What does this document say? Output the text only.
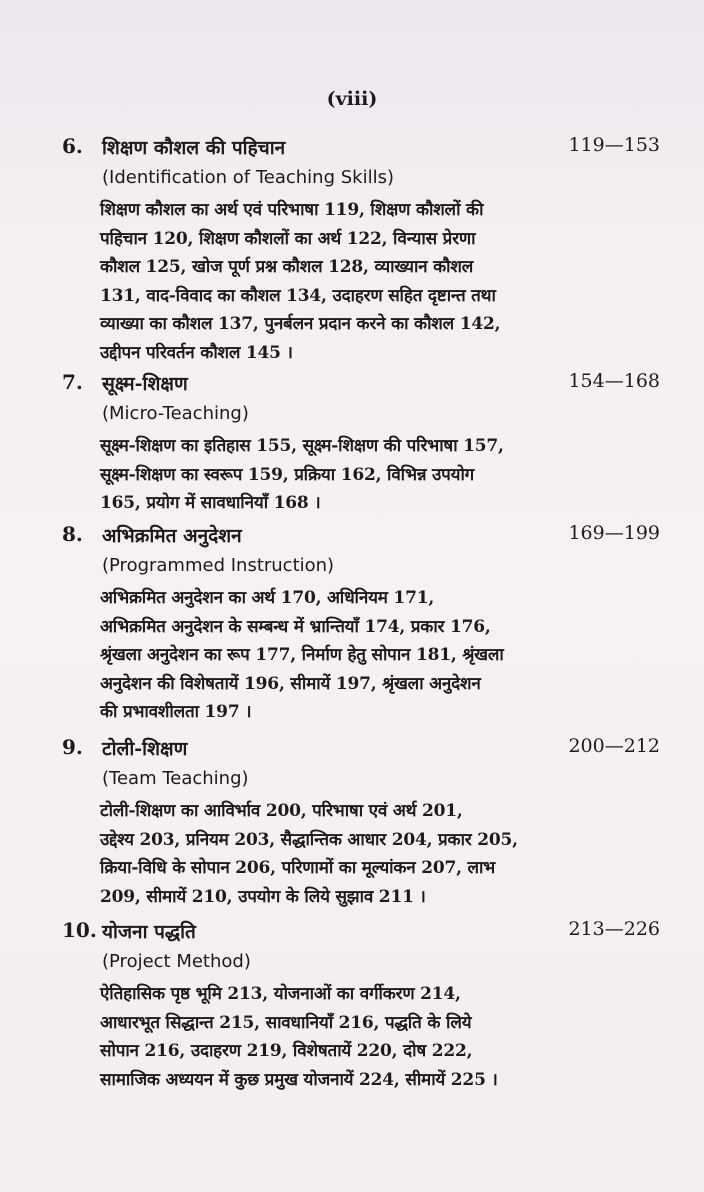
(viii)
6. शिक्षण कौशल की पहिचान	119—153
(Identification of Teaching Skills)
शिक्षण कौशल का अर्थ एवं परिभाषा 119, शिक्षण कौशलों की
पहिचान 120, शिक्षण कौशलों का अर्थ 122, विन्यास प्रेरणा
कौशल 125, खोज पूर्ण प्रश्न कौशल 128, व्याख्यान कौशल
131, वाद-विवाद का कौशल 134, उदाहरण सहित दृष्टान्त तथा
व्याख्या का कौशल 137, पुनर्बलन प्रदान करने का कौशल 142,
उद्दीपन परिवर्तन कौशल 145 ।
7. सूक्ष्म-शिक्षण	154—168
(Micro-Teaching)
सूक्ष्म-शिक्षण का इतिहास 155, सूक्ष्म-शिक्षण की परिभाषा 157,
सूक्ष्म-शिक्षण का स्वरूप 159, प्रक्रिया 162, विभिन्न उपयोग
165, प्रयोग में सावधानियाँ 168 ।
8. अभिक्रमित अनुदेशन	169—199
(Programmed Instruction)
अभिक्रमित अनुदेशन का अर्थ 170, अधिनियम 171,
अभिक्रमित अनुदेशन के सम्बन्ध में भ्रान्तियाँ 174, प्रकार 176,
श्रृंखला अनुदेशन का रूप 177, निर्माण हेतु सोपान 181, श्रृंखला
अनुदेशन की विशेषतायें 196, सीमायें 197, श्रृंखला अनुदेशन
की प्रभावशीलता 197 ।
9. टोली-शिक्षण	200—212
(Team Teaching)
टोली-शिक्षण का आविर्भाव 200, परिभाषा एवं अर्थ 201,
उद्देश्य 203, प्रनियम 203, सैद्धान्तिक आधार 204, प्रकार 205,
क्रिया-विधि के सोपान 206, परिणामों का मूल्यांकन 207, लाभ
209, सीमायें 210, उपयोग के लिये सुझाव 211 ।
10. योजना पद्धति	213—226
(Project Method)
ऐतिहासिक पृष्ठ भूमि 213, योजनाओं का वर्गीकरण 214,
आधारभूत सिद्धान्त 215, सावधानियाँ 216, पद्धति के लिये
सोपान 216, उदाहरण 219, विशेषतायें 220, दोष 222,
सामाजिक अध्ययन में कुछ प्रमुख योजनायें 224, सीमायें 225 ।
